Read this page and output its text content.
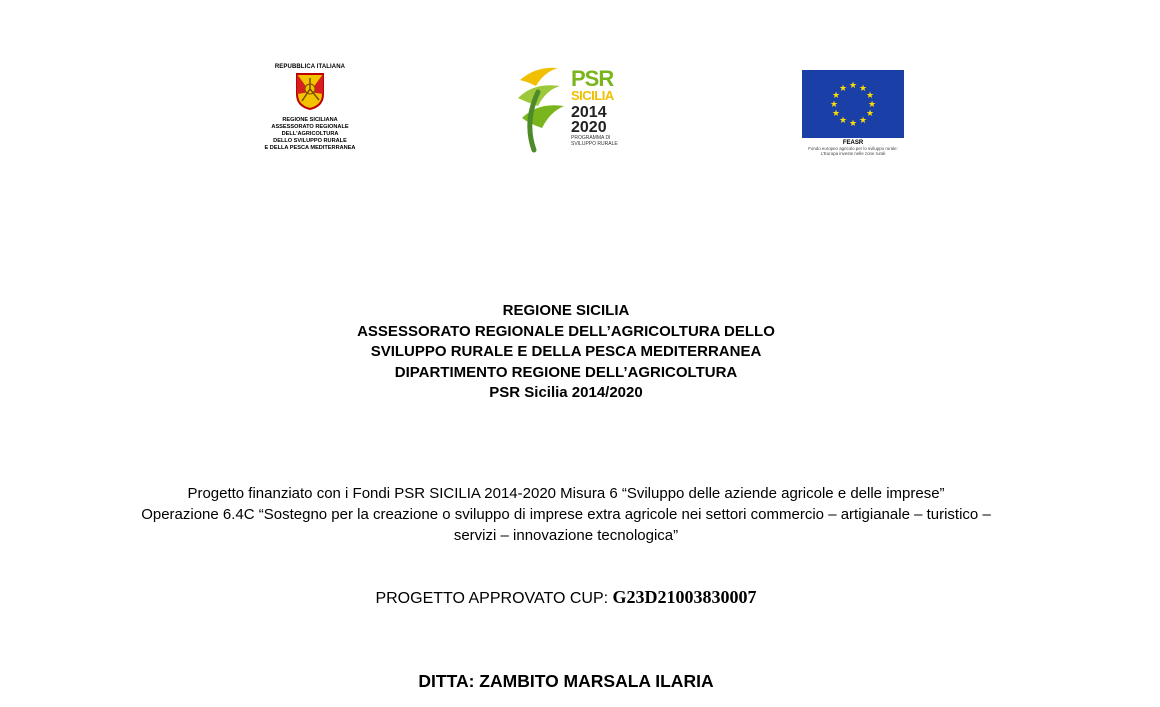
REPUBBLICA ITALIANA
REGIONE SICILIANA
ASSESSORATO REGIONALE
DELL'AGRICOLTURA
DELLO SVILUPPO RURALE
E DELLA PESCA MEDITERRANEA
PSR
SICILIA
2014
2020
PROGRAMMA DI
SVILUPPO RURALE
★ ★
★
★
★
★
★
★
★
★
★
★
FEASR
Fondo europeo agricolo per lo sviluppo rurale:
L'Europa investe nelle zone rurali
REGIONE SICILIA
ASSESSORATO REGIONALE DELL’AGRICOLTURA DELLO
SVILUPPO RURALE E DELLA PESCA MEDITERRANEA
DIPARTIMENTO REGIONE DELL’AGRICOLTURA
PSR Sicilia 2014/2020
Progetto finanziato con i Fondi PSR SICILIA 2014-2020 Misura 6 “Sviluppo delle aziende agricole e delle imprese”
Operazione 6.4C “Sostegno per la creazione o sviluppo di imprese extra agricole nei settori commercio – artigianale – turistico –
servizi – innovazione tecnologica”
PROGETTO APPROVATO CUP: G23D21003830007
DITTA: ZAMBITO MARSALA ILARIA
